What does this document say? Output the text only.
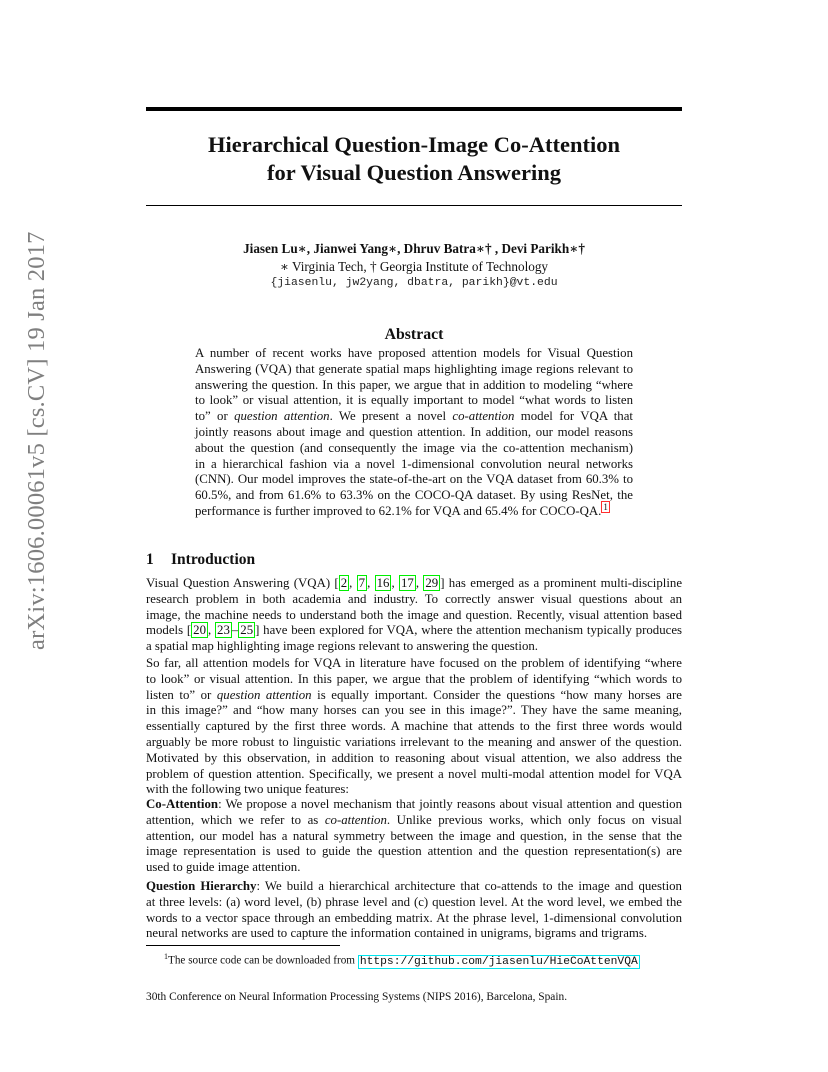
arXiv:1606.00061v5 [cs.CV] 19 Jan 2017
Hierarchical Question-Image Co-Attention
for Visual Question Answering
Jiasen Lu∗, Jianwei Yang∗, Dhruv Batra∗† , Devi Parikh∗†
∗ Virginia Tech, † Georgia Institute of Technology
{jiasenlu, jw2yang, dbatra, parikh}@vt.edu
Abstract
A number of recent works have proposed attention models for Visual Question
Answering (VQA) that generate spatial maps highlighting image regions relevant to
answering the question. In this paper, we argue that in addition to modeling “where
to look” or visual attention, it is equally important to model “what words to listen
to” or question attention. We present a novel co-attention model for VQA that
jointly reasons about image and question attention. In addition, our model reasons
about the question (and consequently the image via the co-attention mechanism)
in a hierarchical fashion via a novel 1-dimensional convolution neural networks
(CNN). Our model improves the state-of-the-art on the VQA dataset from 60.3% to
60.5%, and from 61.6% to 63.3% on the COCO-QA dataset. By using ResNet, the
performance is further improved to 62.1% for VQA and 65.4% for COCO-QA. $^1$
1 Introduction
Visual Question Answering (VQA) [ 2 , 7 , 16 , 17 , 29 ] has emerged as a prominent multi-discipline
research problem in both academia and industry. To correctly answer visual questions about an
image, the machine needs to understand both the image and question. Recently, visual attention based
models [ 20 , 23 – 25 ] have been explored for VQA, where the attention mechanism typically produces
a spatial map highlighting image regions relevant to answering the question.
So far, all attention models for VQA in literature have focused on the problem of identifying “where
to look” or visual attention. In this paper, we argue that the problem of identifying “which words to
listen to” or question attention is equally important. Consider the questions “how many horses are
in this image?” and “how many horses can you see in this image?”. They have the same meaning,
essentially captured by the first three words. A machine that attends to the first three words would
arguably be more robust to linguistic variations irrelevant to the meaning and answer of the question.
Motivated by this observation, in addition to reasoning about visual attention, we also address the
problem of question attention. Specifically, we present a novel multi-modal attention model for VQA
with the following two unique features:
Co-Attention: We propose a novel mechanism that jointly reasons about visual attention and question
attention, which we refer to as co-attention. Unlike previous works, which only focus on visual
attention, our model has a natural symmetry between the image and question, in the sense that the
image representation is used to guide the question attention and the question representation(s) are
used to guide image attention.
Question Hierarchy: We build a hierarchical architecture that co-attends to the image and question
at three levels: (a) word level, (b) phrase level and (c) question level. At the word level, we embed the
words to a vector space through an embedding matrix. At the phrase level, 1-dimensional convolution
neural networks are used to capture the information contained in unigrams, bigrams and trigrams.
$^1$The source code can be downloaded from https://github.com/jiasenlu/HieCoAttenVQA
30th Conference on Neural Information Processing Systems (NIPS 2016), Barcelona, Spain.
